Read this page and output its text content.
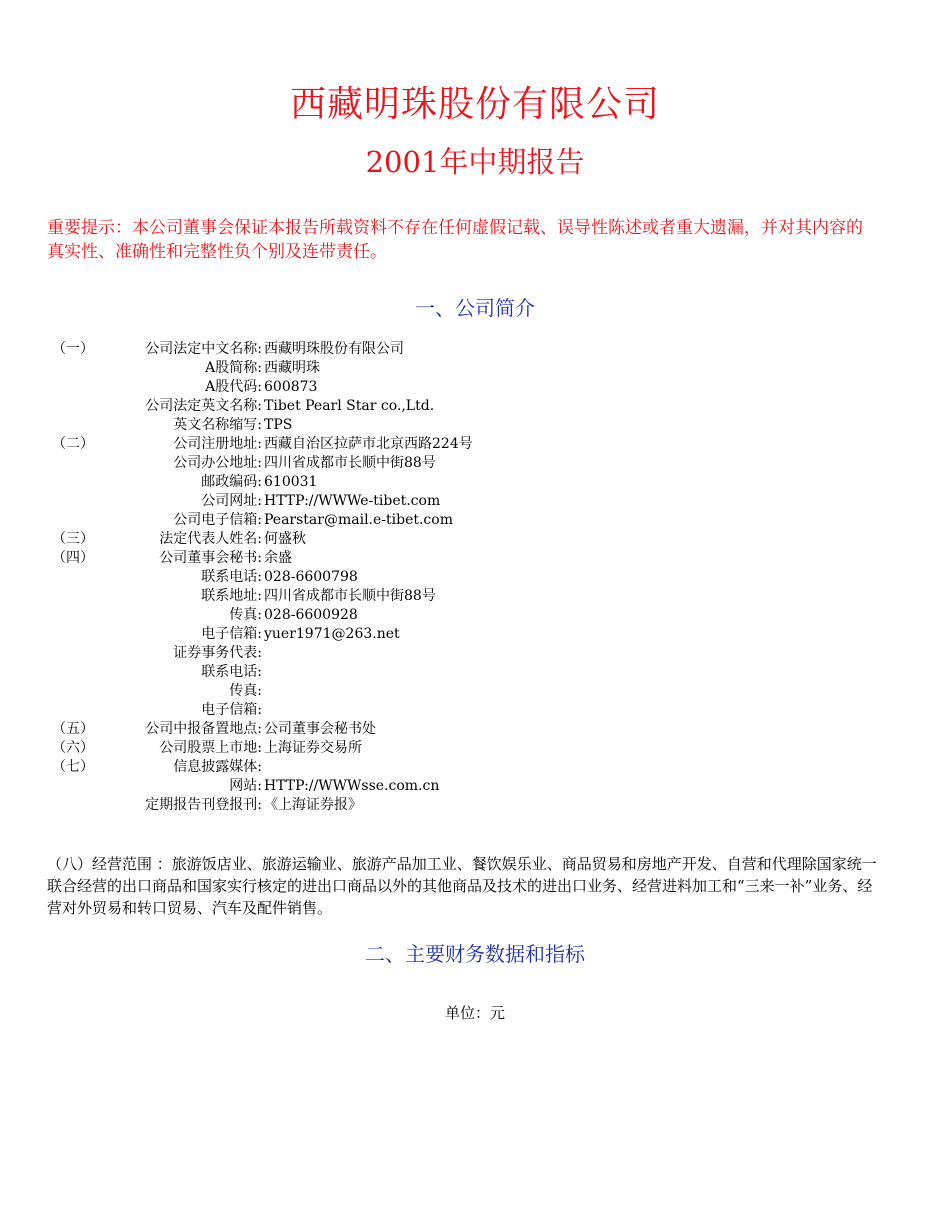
西藏明珠股份有限公司
2001年中期报告
重要提示：本公司董事会保证本报告所载资料不存在任何虚假记载、误导性陈述或者重大遗漏，并对其内容的真实性、准确性和完整性负个别及连带责任。
一、公司简介
（一）	公司法定中文名称: 西藏明珠股份有限公司
A股简称: 西藏明珠
A股代码: 600873
公司法定英文名称: Tibet Pearl Star co.,Ltd.
英文名称缩写: TPS
（二）	公司注册地址: 西藏自治区拉萨市北京西路224号
公司办公地址: 四川省成都市长顺中街88号
邮政编码: 610031
公司网址: HTTP://WWWe-tibet.com
公司电子信箱: Pearstar@mail.e-tibet.com
（三）	法定代表人姓名: 何盛秋
（四）	公司董事会秘书: 余盛
联系电话: 028-6600798
联系地址: 四川省成都市长顺中街88号
传真: 028-6600928
电子信箱: yuer1971@263.net
证券事务代表:
联系电话:
传真:
电子信箱:
（五）	公司中报备置地点: 公司董事会秘书处
（六）	公司股票上市地: 上海证券交易所
（七）	信息披露媒体:
网站: HTTP://WWWsse.com.cn
定期报告刊登报刊: 《上海证券报》
（八）经营范围 ：旅游饭店业、旅游运输业、旅游产品加工业、餐饮娱乐业、商品贸易和房地产开发、自营和代理除国家统一联合经营的出口商品和国家实行核定的进出口商品以外的其他商品及技术的进出口业务、经营进料加工和“三来一补”业务、经营对外贸易和转口贸易、汽车及配件销售。
二、主要财务数据和指标
单位：元
